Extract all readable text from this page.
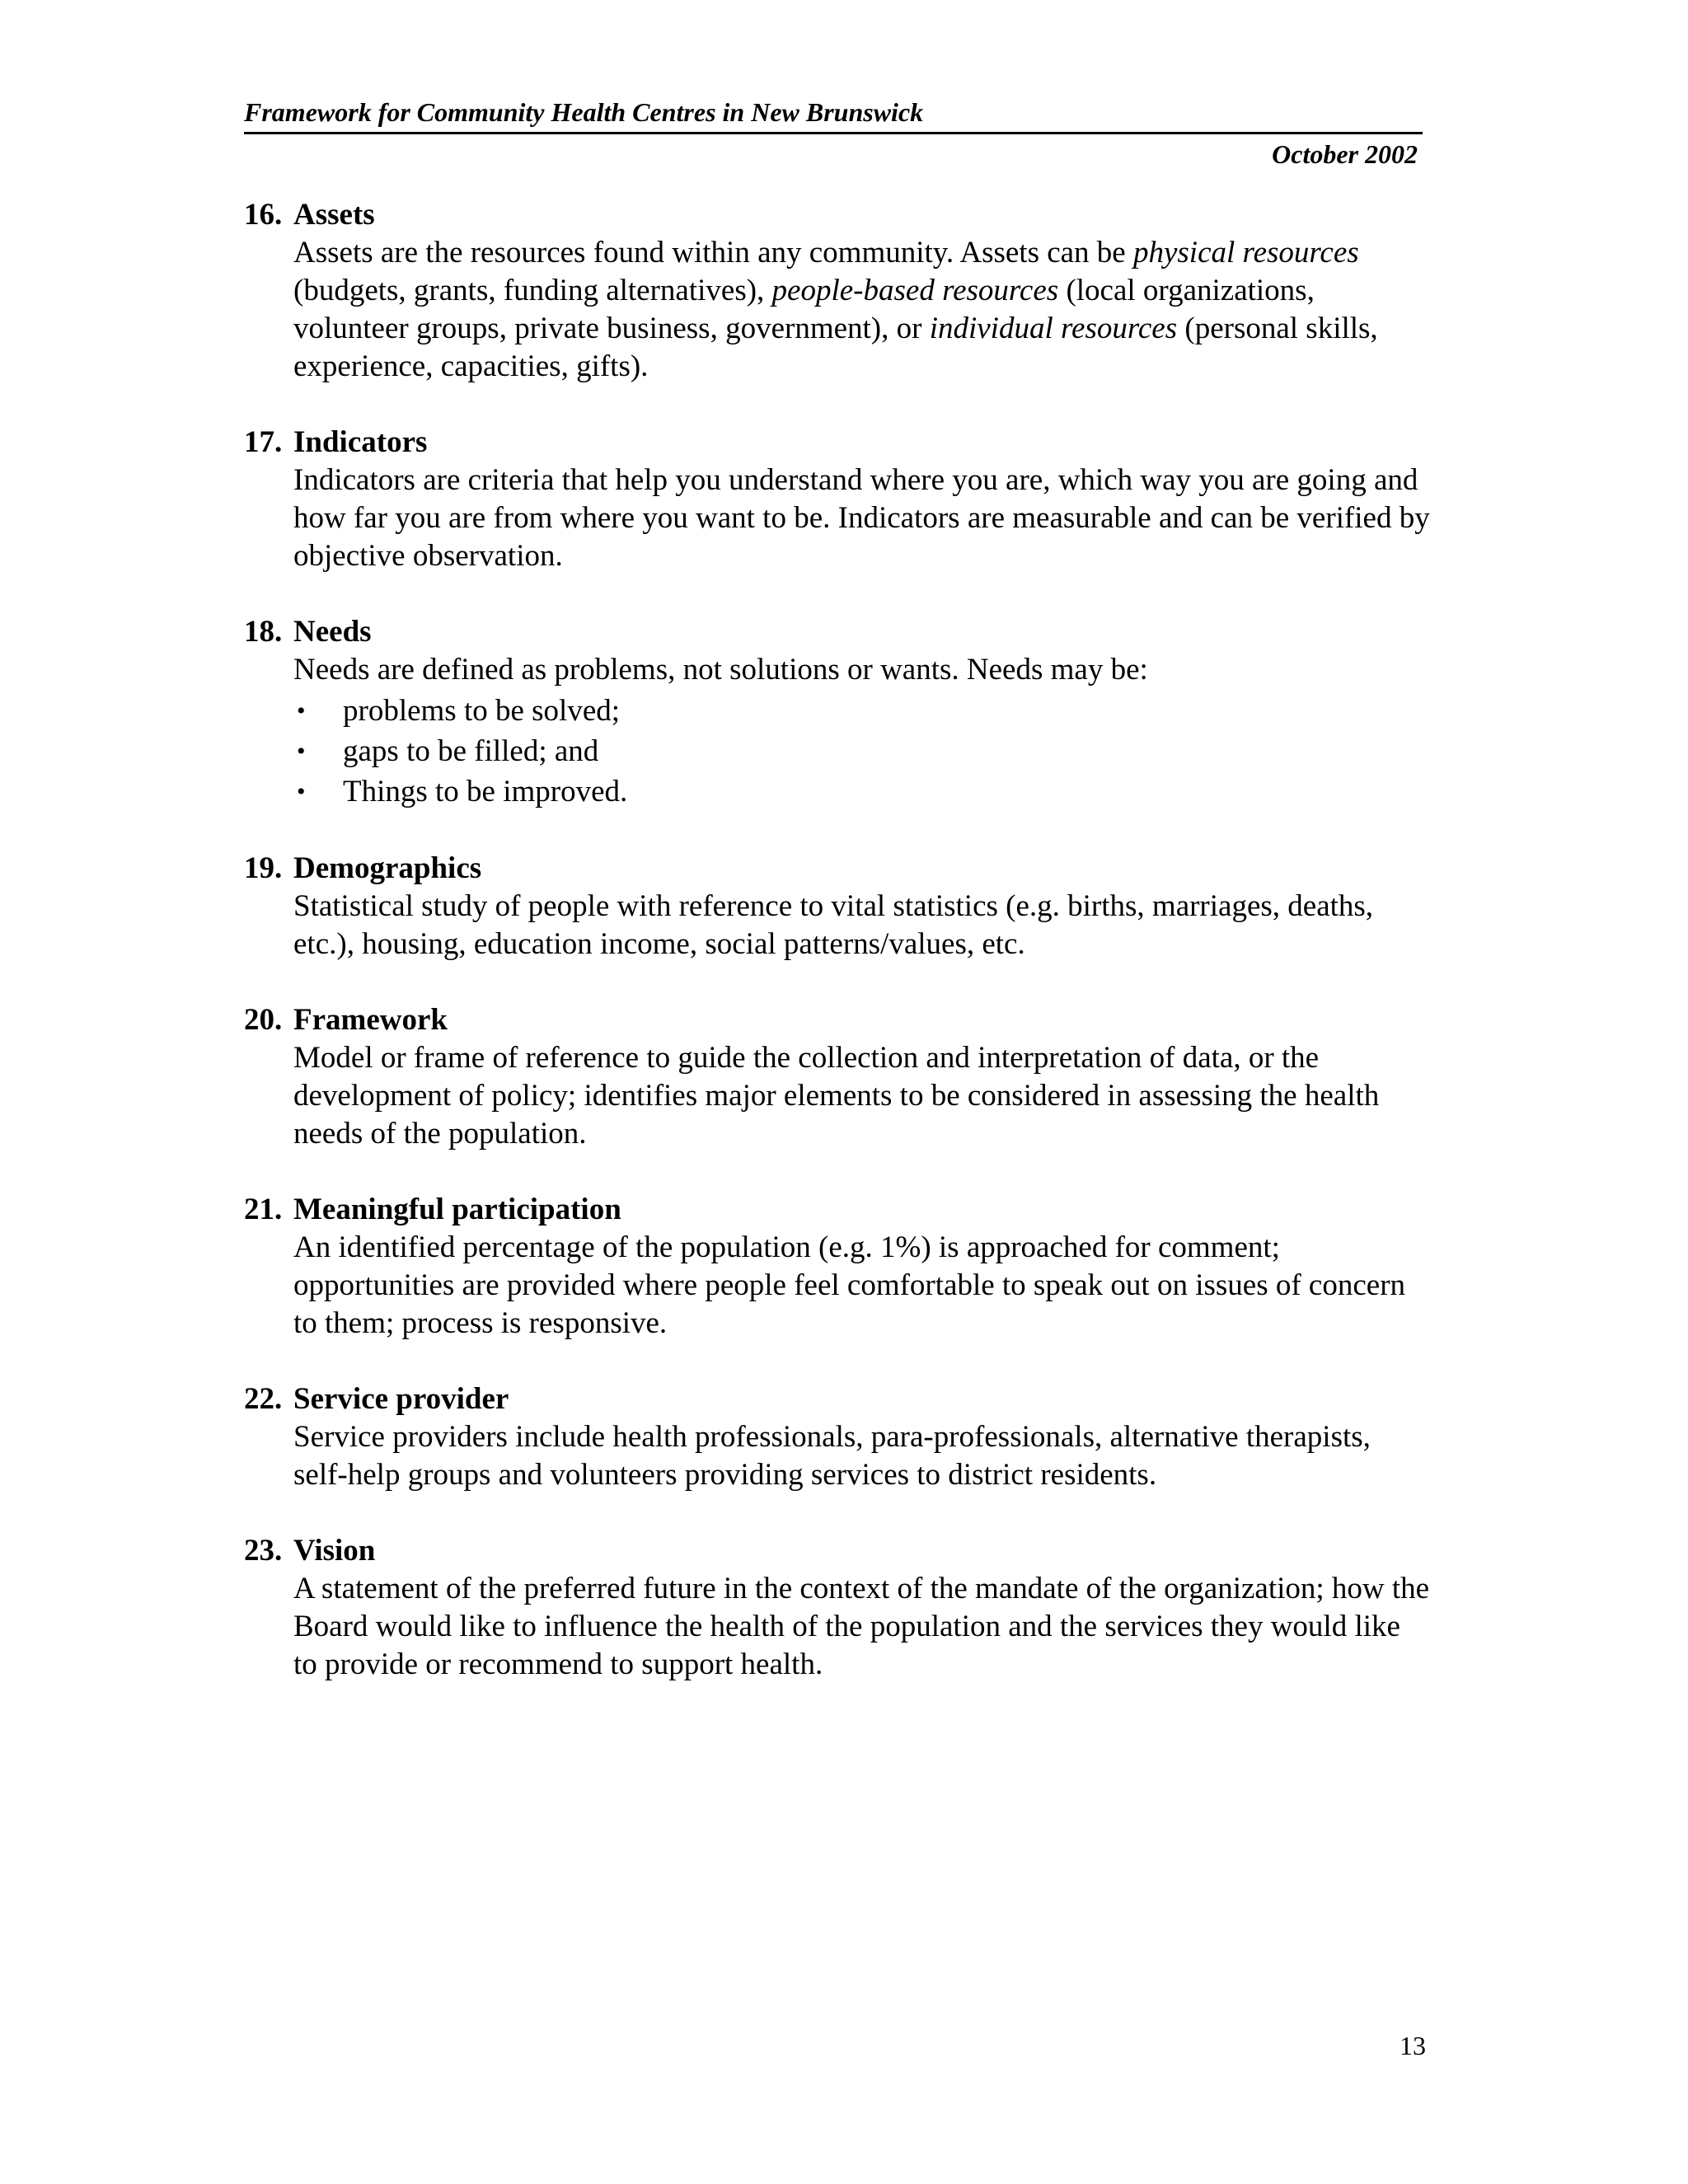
Framework for Community Health Centres in New Brunswick
October 2002

16. Assets

Assets are the resources found within any community. Assets can be physical resources (budgets, grants, funding alternatives), people-based resources (local organizations, volunteer groups, private business, government), or individual resources (personal skills, experience, capacities, gifts).

17. Indicators

Indicators are criteria that help you understand where you are, which way you are going and how far you are from where you want to be. Indicators are measurable and can be verified by objective observation.

18. Needs

Needs are defined as problems, not solutions or wants. Needs may be:

• problems to be solved;
• gaps to be filled; and
• Things to be improved.

19. Demographics

Statistical study of people with reference to vital statistics (e.g. births, marriages, deaths, etc.), housing, education income, social patterns/values, etc.

20. Framework

Model or frame of reference to guide the collection and interpretation of data, or the development of policy; identifies major elements to be considered in assessing the health needs of the population.

21. Meaningful participation

An identified percentage of the population (e.g. 1%) is approached for comment; opportunities are provided where people feel comfortable to speak out on issues of concern to them; process is responsive.

22. Service provider

Service providers include health professionals, para-professionals, alternative therapists, self-help groups and volunteers providing services to district residents.

23. Vision

A statement of the preferred future in the context of the mandate of the organization; how the Board would like to influence the health of the population and the services they would like to provide or recommend to support health.

13
